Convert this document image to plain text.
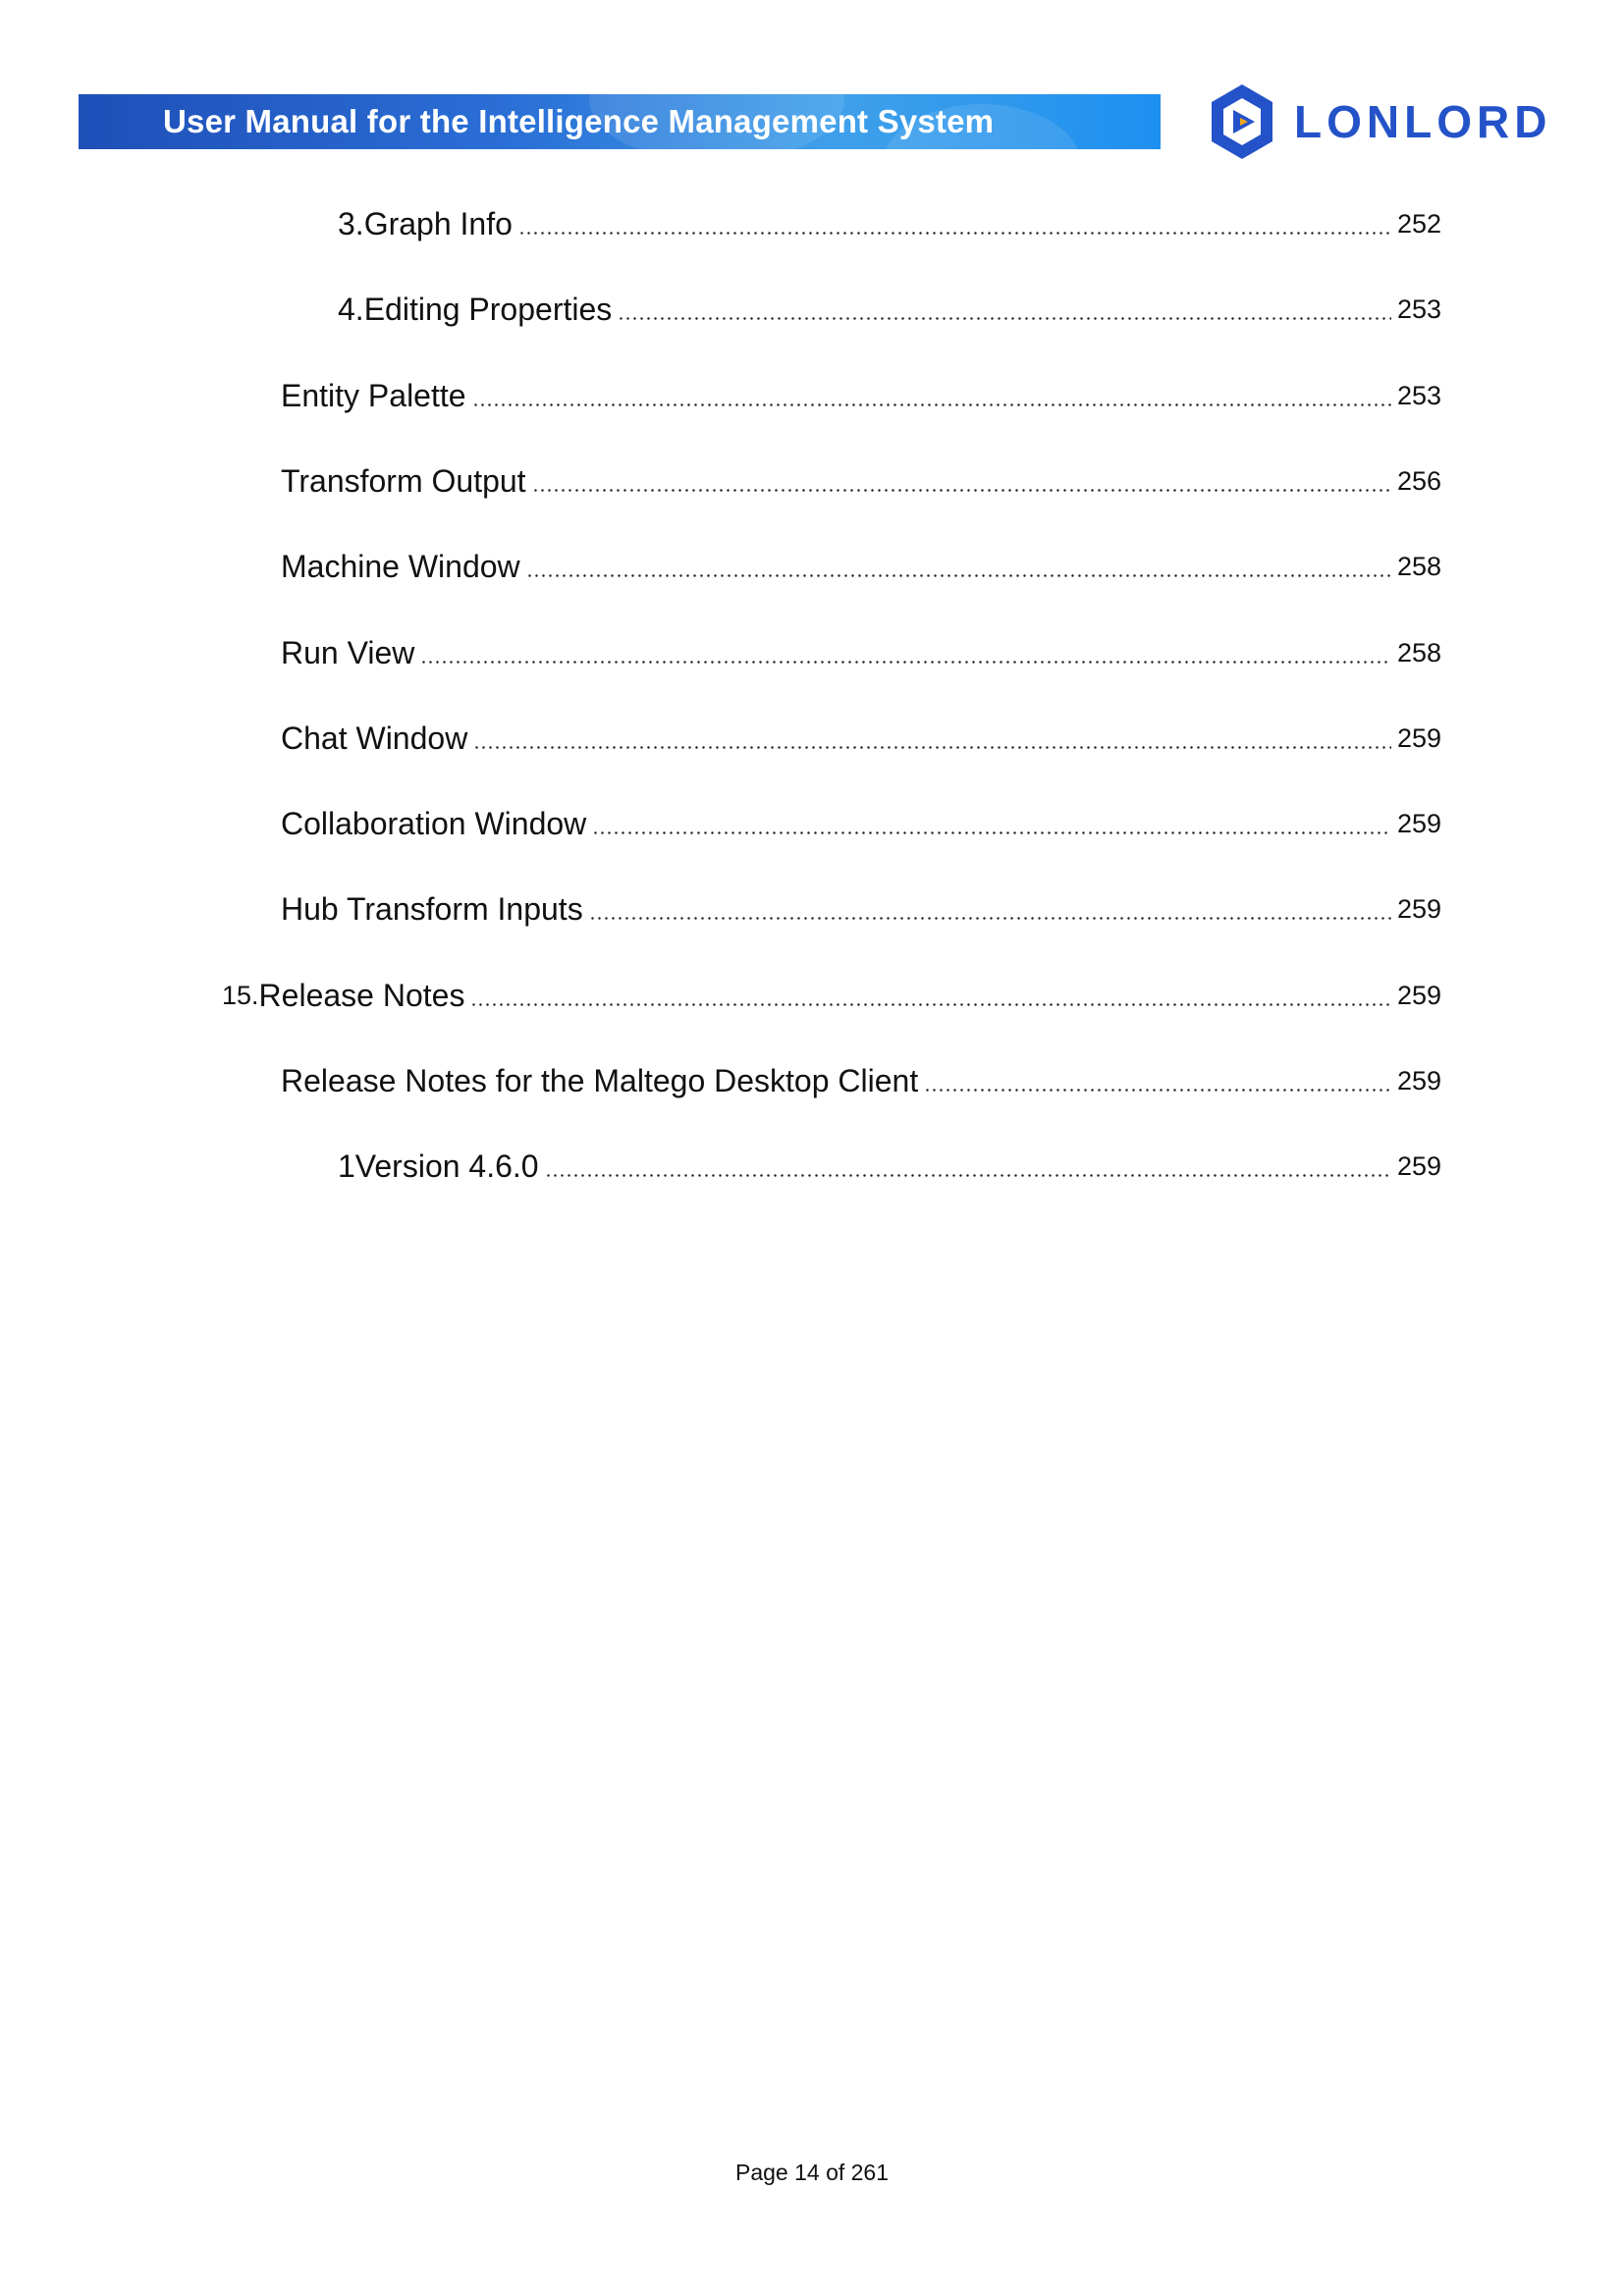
User Manual for the Intelligence Management System	LONLORD
3.Graph Info	252
4.Editing Properties	253
Entity Palette	253
Transform Output	256
Machine Window	258
Run View	258
Chat Window	259
Collaboration Window	259
Hub Transform Inputs	259
15. Release Notes	259
Release Notes for the Maltego Desktop Client	259
1Version 4.6.0	259
Page 14 of 261
